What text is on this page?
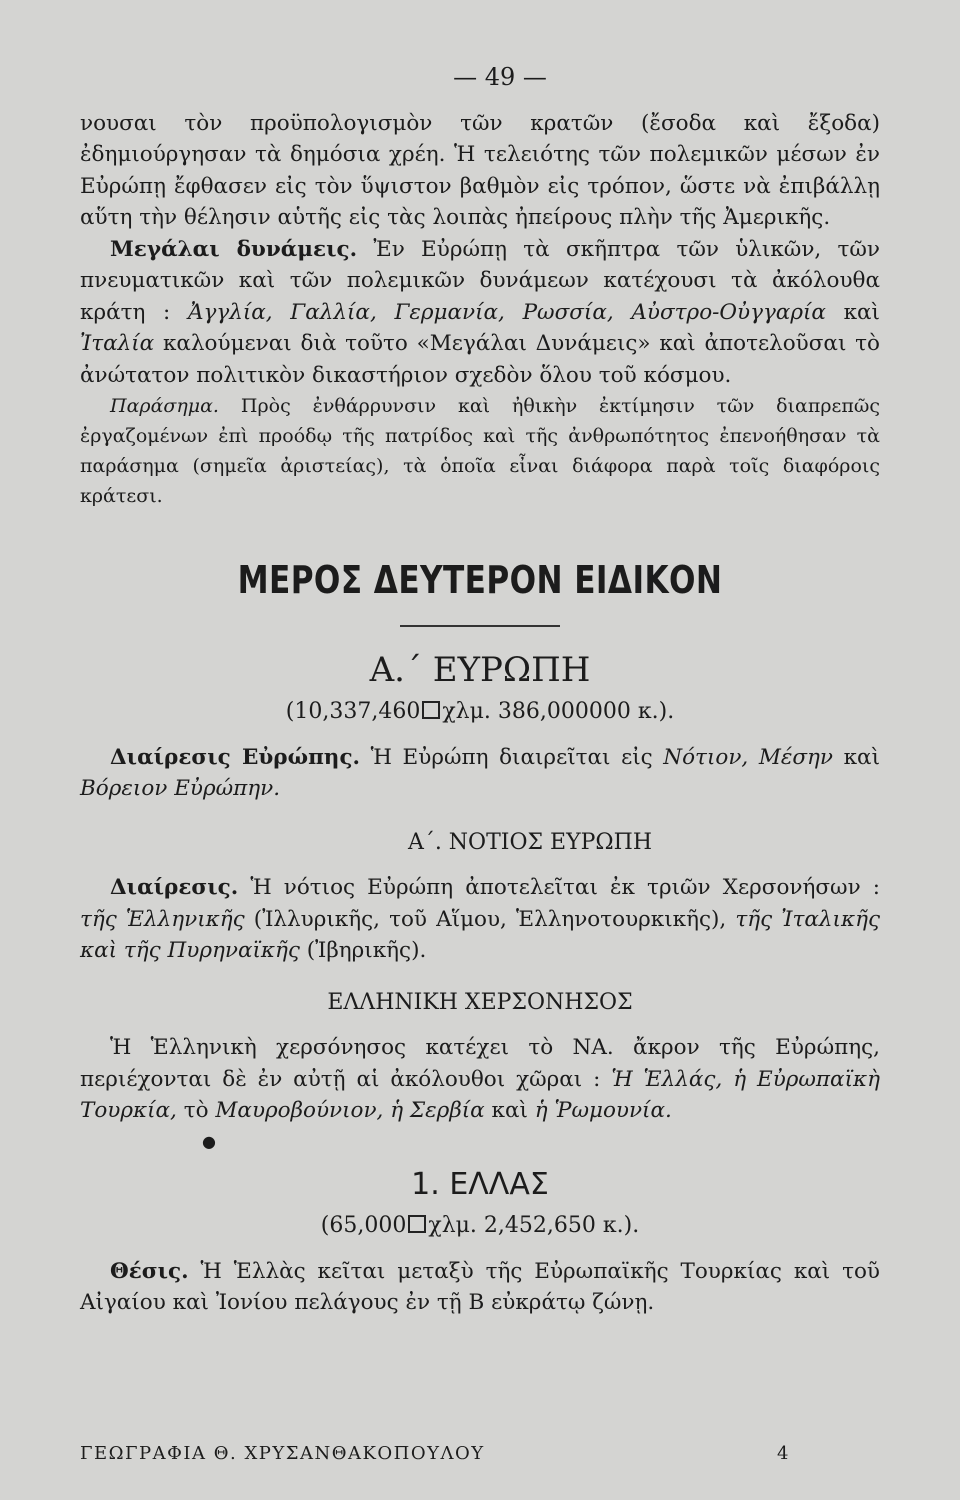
— 49 —

νουσαι τὸν προϋπολογισμὸν τῶν κρατῶν (ἔσοδα καὶ ἔξοδα) ἐδημιούργησαν τὰ δημόσια χρέη. Ἡ τελειότης τῶν πολεμικῶν μέσων ἐν Εὐρώπῃ ἔφθασεν εἰς τὸν ὕψιστον βαθμὸν εἰς τρόπον, ὥστε νὰ ἐπιβάλλῃ αὕτη τὴν θέλησιν αὑτῆς εἰς τὰς λοιπὰς ἠπείρους πλὴν τῆς Ἀμερικῆς.

Μεγάλαι δυνάμεις. Ἐν Εὐρώπῃ τὰ σκῆπτρα τῶν ὑλικῶν, τῶν πνευματικῶν καὶ τῶν πολεμικῶν δυνάμεων κατέχουσι τὰ ἀκόλουθα κράτη : Ἀγγλία, Γαλλία, Γερμανία, Ρωσσία, Αὐστρο-Οὐγγαρία καὶ Ἰταλία καλούμεναι διὰ τοῦτο «Μεγάλαι Δυνάμεις» καὶ ἀποτελοῦσαι τὸ ἀνώτατον πολιτικὸν δικαστήριον σχεδὸν ὅλου τοῦ κόσμου.

Παράσημα. Πρὸς ἐνθάρρυνσιν καὶ ἠθικὴν ἐκτίμησιν τῶν διαπρεπῶς ἐργαζομένων ἐπὶ προόδῳ τῆς πατρίδος καὶ τῆς ἀνθρωπότητος ἐπενοήθησαν τὰ παράσημα (σημεῖα ἀριστείας), τὰ ὁποῖα εἶναι διάφορα παρὰ τοῖς διαφόροις κράτεσι.

ΜΕΡΟΣ ΔΕΥΤΕΡΟΝ ΕΙΔΙΚΟΝ
Α.΄ ΕΥΡΩΠΗ
(10,337,460 χλμ. 386,000000 κ.).

Διαίρεσις Εὐρώπης. Ἡ Εὐρώπη διαιρεῖται εἰς Νότιον, Μέσην καὶ Βόρειον Εὐρώπην.

Α΄. ΝΟΤΙΟΣ ΕΥΡΩΠΗ

Διαίρεσις. Ἡ νότιος Εὐρώπη ἀποτελεῖται ἐκ τριῶν Χερσονήσων : τῆς Ἑλληνικῆς (Ἰλλυρικῆς, τοῦ Αἵμου, Ἑλληνοτουρκικῆς), τῆς Ἰταλικῆς καὶ τῆς Πυρηναϊκῆς (Ἰβηρικῆς).

ΕΛΛΗΝΙΚΗ ΧΕΡΣΟΝΗΣΟΣ

Ἡ Ἑλληνικὴ χερσόνησος κατέχει τὸ ΝΑ. ἄκρον τῆς Εὐρώπης, περιέχονται δὲ ἐν αὐτῇ αἱ ἀκόλουθοι χῶραι : Ἡ Ἑλλάς, ἡ Εὐρωπαϊκὴ Τουρκία, τὸ Μαυροβούνιον, ἡ Σερβία καὶ ἡ Ῥωμουνία.

●
1. ΕΛΛΑΣ
(65,000 χλμ. 2,452,650 κ.).

Θέσις. Ἡ Ἑλλὰς κεῖται μεταξὺ τῆς Εὐρωπαϊκῆς Τουρκίας καὶ τοῦ Αἰγαίου καὶ Ἰονίου πελάγους ἐν τῇ Β εὐκράτῳ ζώνῃ.

ΓΕΩΓΡΑΦΙΑ Θ. ΧΡΥΣΑΝΘΑΚΟΠΟΥΛΟΥ	4
